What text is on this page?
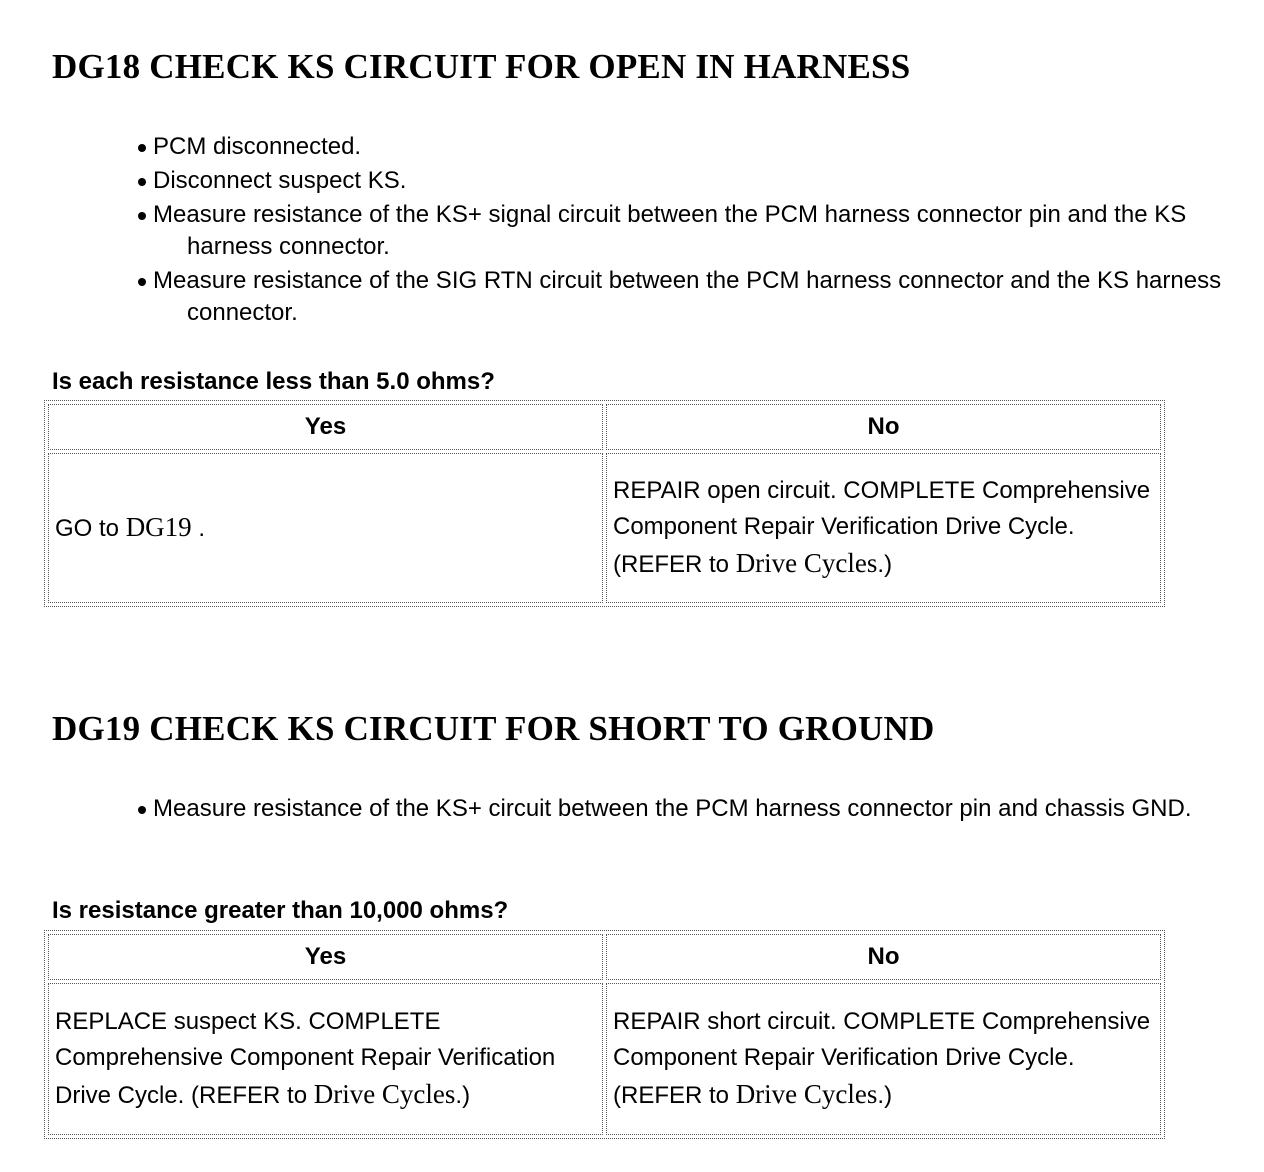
DG18 CHECK KS CIRCUIT FOR OPEN IN HARNESS
PCM disconnected.
Disconnect suspect KS.
Measure resistance of the KS+ signal circuit between the PCM harness connector pin and the KS harness connector.
Measure resistance of the SIG RTN circuit between the PCM harness connector and the KS harness connector.

Is each resistance less than 5.0 ohms?

Yes	No
GO to DG19 .	REPAIR open circuit. COMPLETE Comprehensive Component Repair Verification Drive Cycle. (REFER to Drive Cycles.)
DG19 CHECK KS CIRCUIT FOR SHORT TO GROUND
Measure resistance of the KS+ circuit between the PCM harness connector pin and chassis GND.

Is resistance greater than 10,000 ohms?

Yes	No
REPLACE suspect KS. COMPLETE Comprehensive Component Repair Verification Drive Cycle. (REFER to Drive Cycles.)	REPAIR short circuit. COMPLETE Comprehensive Component Repair Verification Drive Cycle. (REFER to Drive Cycles.)
